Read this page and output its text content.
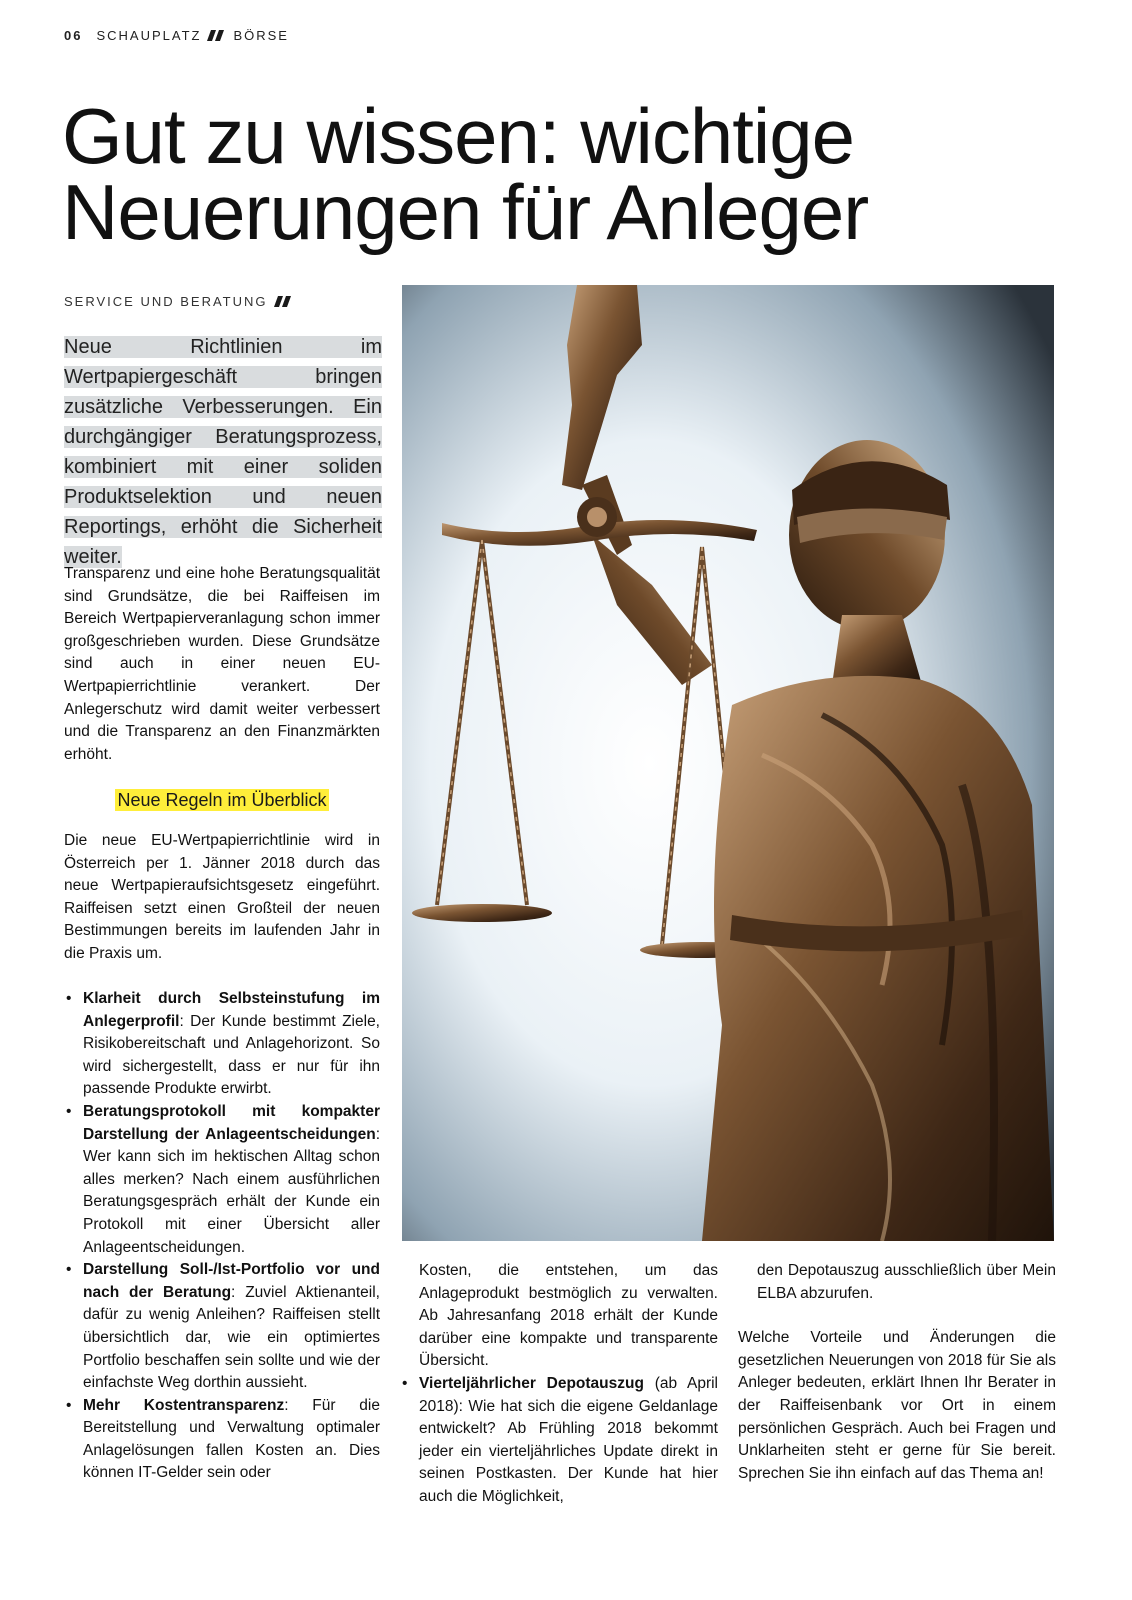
06 SCHAUPLATZ BÖRSE
Gut zu wissen: wichtige
Neuerungen für Anleger
SERVICE UND BERATUNG

Neue Richtlinien im Wertpapiergeschäft bringen zusätzliche Verbesserungen. Ein durchgängiger Beratungsprozess, kombiniert mit einer soliden Produktselektion und neuen Reportings, erhöht die Sicherheit weiter.

Transparenz und eine hohe Beratungsqualität sind Grundsätze, die bei Raiffeisen im Bereich Wertpapierveranlagung schon immer großgeschrieben wurden. Diese Grundsätze sind auch in einer neuen EU-Wertpapierrichtlinie verankert. Der Anlegerschutz wird damit weiter verbessert und die Transparenz an den Finanzmärkten erhöht.

Neue Regeln im Überblick

Die neue EU-Wertpapierrichtlinie wird in Österreich per 1. Jänner 2018 durch das neue Wertpapieraufsichtsgesetz eingeführt. Raiffeisen setzt einen Großteil der neuen Bestimmungen bereits im laufenden Jahr in die Praxis um.

• Klarheit durch Selbsteinstufung im Anlegerprofil: Der Kunde bestimmt Ziele, Risikobereitschaft und Anlagehorizont. So wird sichergestellt, dass er nur für ihn passende Produkte erwirbt.
• Beratungsprotokoll mit kompakter Darstellung der Anlageentscheidungen: Wer kann sich im hektischen Alltag schon alles merken? Nach einem ausführlichen Beratungsgespräch erhält der Kunde ein Protokoll mit einer Übersicht aller Anlageentscheidungen.
• Darstellung Soll-/Ist-Portfolio vor und nach der Beratung: Zuviel Aktienanteil, dafür zu wenig Anleihen? Raiffeisen stellt übersichtlich dar, wie ein optimiertes Portfolio beschaffen sein sollte und wie der einfachste Weg dorthin aussieht.
• Mehr Kostentransparenz: Für die Bereitstellung und Verwaltung optimaler Anlagelösungen fallen Kosten an. Dies können IT-Gelder sein oder

Kosten, die entstehen, um das Anlageprodukt bestmöglich zu verwalten. Ab Jahresanfang 2018 erhält der Kunde darüber eine kompakte und transparente Übersicht.

• Vierteljährlicher Depotauszug (ab April 2018): Wie hat sich die eigene Geldanlage entwickelt? Ab Frühling 2018 bekommt jeder ein vierteljährliches Update direkt in seinen Postkasten. Der Kunde hat hier auch die Möglichkeit,

den Depotauszug ausschließlich über Mein ELBA abzurufen.

Welche Vorteile und Änderungen die gesetzlichen Neuerungen von 2018 für Sie als Anleger bedeuten, erklärt Ihnen Ihr Berater in der Raiffeisenbank vor Ort in einem persönlichen Gespräch. Auch bei Fragen und Unklarheiten steht er gerne für Sie bereit. Sprechen Sie ihn einfach auf das Thema an!
